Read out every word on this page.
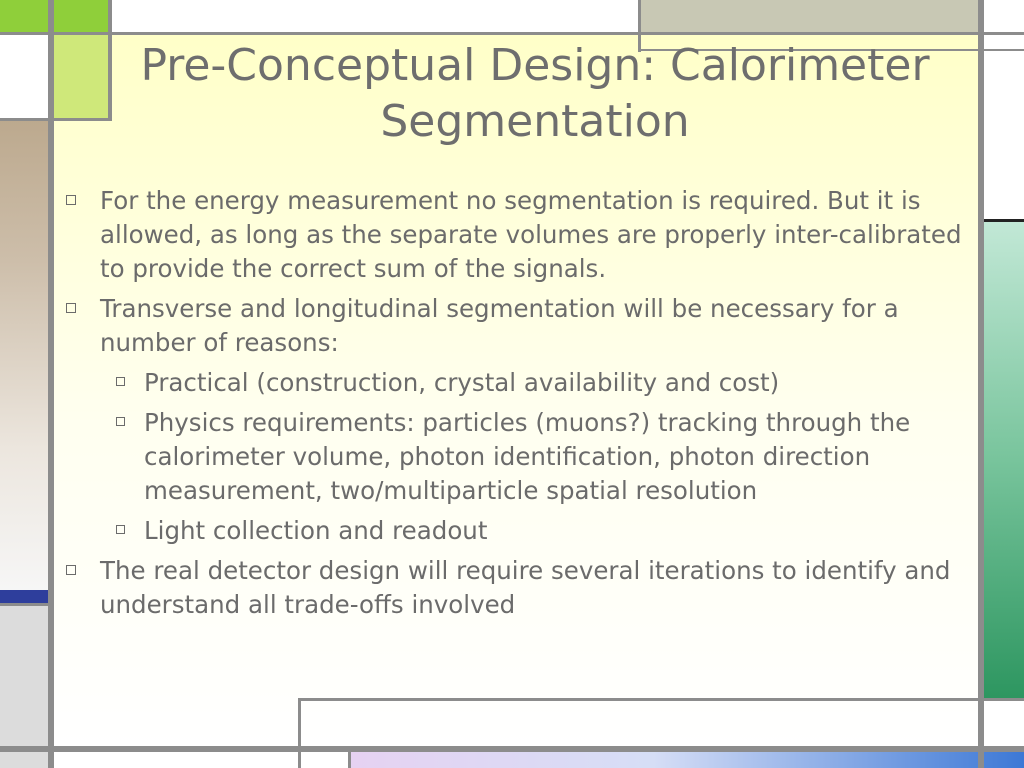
Pre-Conceptual Design: Calorimeter Segmentation
For the energy measurement no segmentation is required. But it is allowed, as long as the separate volumes are properly inter-calibrated to provide the correct sum of the signals.
Transverse and longitudinal segmentation will be necessary for a number of reasons:
Practical (construction, crystal availability and cost)
Physics requirements: particles (muons?) tracking through the calorimeter volume, photon identification, photon direction measurement, two/multiparticle spatial resolution
Light collection and readout
The real detector design will require several iterations to identify and understand all trade-offs involved
